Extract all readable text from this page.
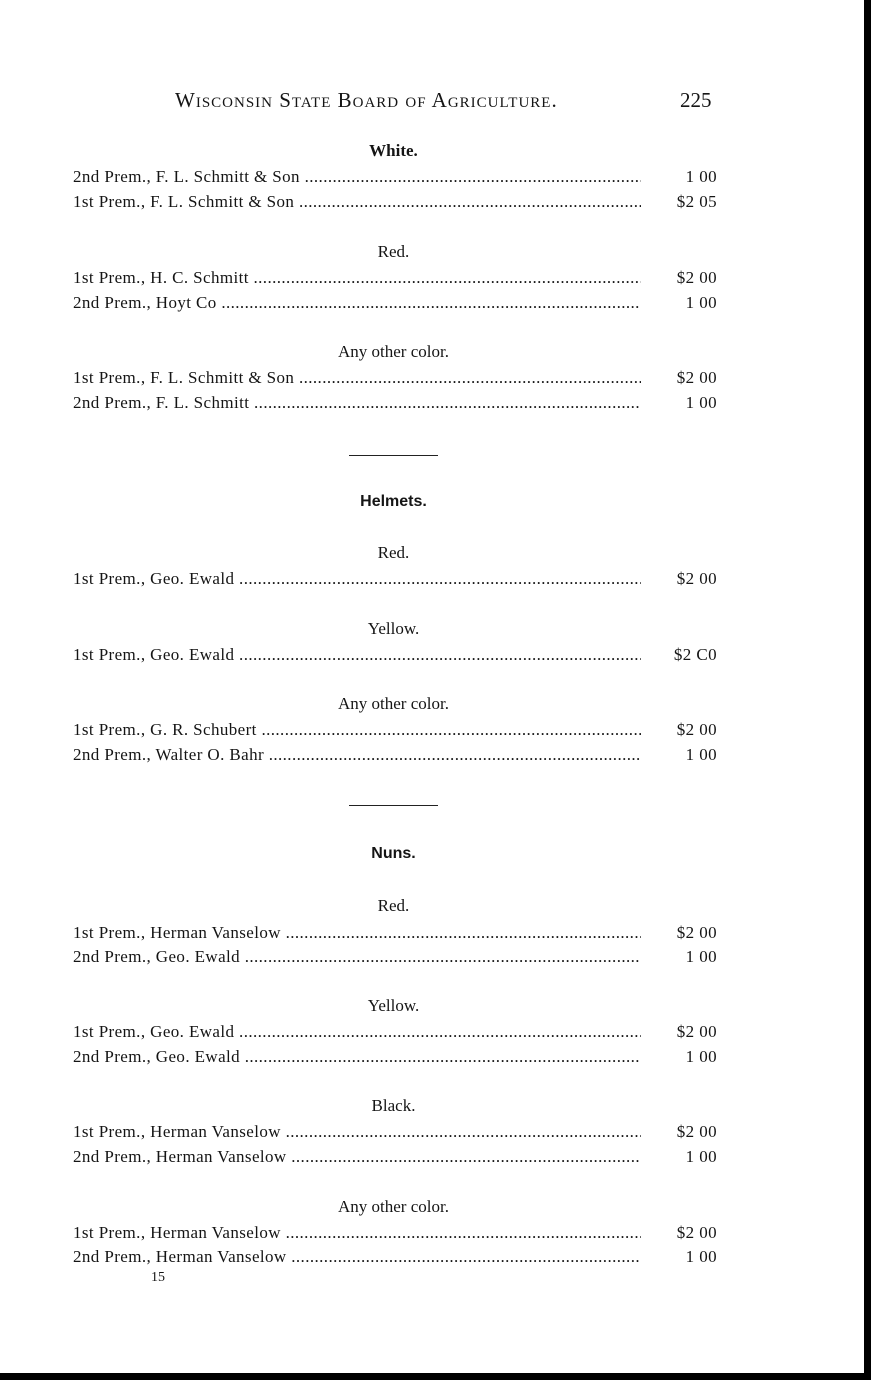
Wisconsin State Board of Agriculture.	225
White.
2nd Prem., F. L. Schmitt & Son .....	1 00
1st Prem., F. L. Schmitt & Son .....	$2 05
Red.
1st Prem., H. C. Schmitt .....	$2 00
2nd Prem., Hoyt Co .....	1 00
Any other color.
1st Prem., F. L. Schmitt & Son .....	$2 00
2nd Prem., F. L. Schmitt .....	1 00
Helmets.
Red.
1st Prem., Geo. Ewald .....	$2 00
Yellow.
1st Prem., Geo. Ewald .....	$2 C0
Any other color.
1st Prem., G. R. Schubert .....	$2 00
2nd Prem., Walter O. Bahr .....	1 00
Nuns.
Red.
1st Prem., Herman Vanselow .....	$2 00
2nd Prem., Geo. Ewald .....	1 00
Yellow.
1st Prem., Geo. Ewald .....	$2 00
2nd Prem., Geo. Ewald .....	1 00
Black.
1st Prem., Herman Vanselow .....	$2 00
2nd Prem., Herman Vanselow .....	1 00
Any other color.
1st Prem., Herman Vanselow .....	$2 00
2nd Prem., Herman Vanselow .....	1 00
15
